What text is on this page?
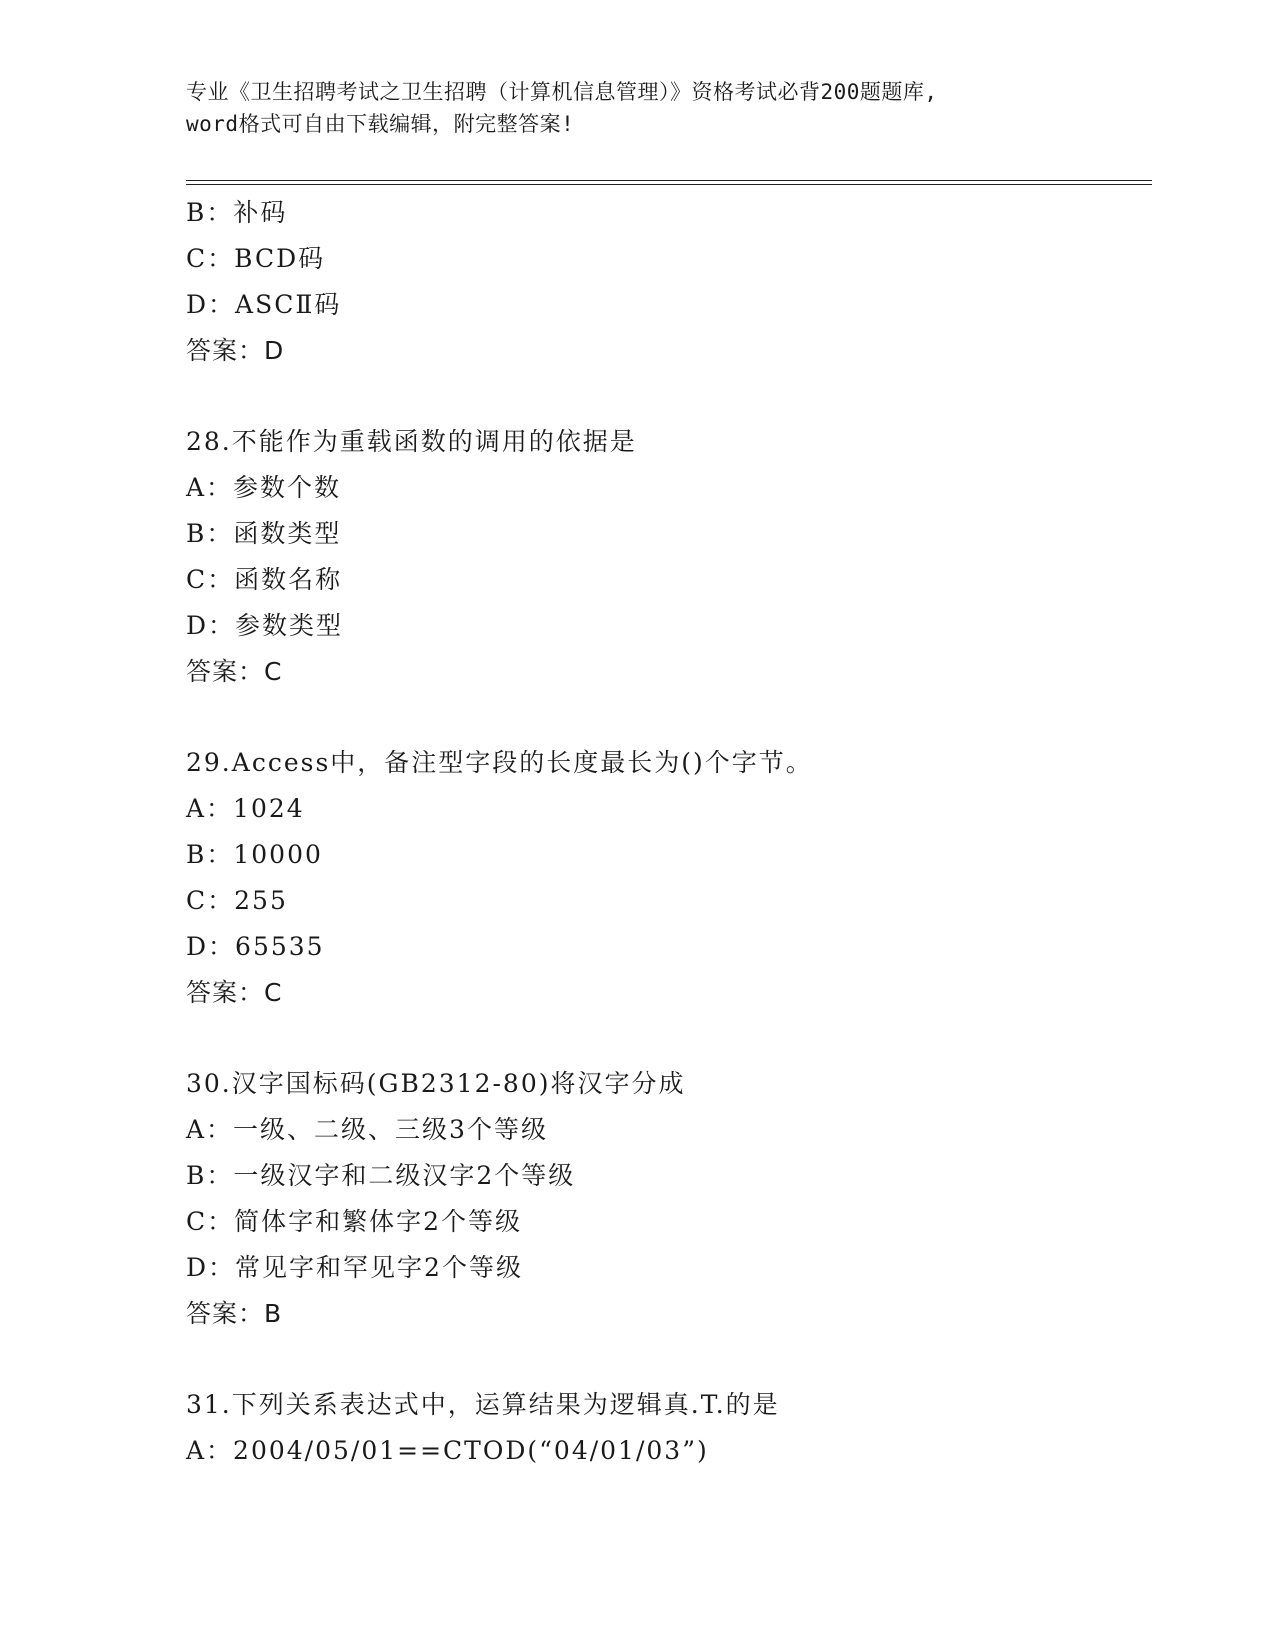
专业《卫生招聘考试之卫生招聘（计算机信息管理）》资格考试必背200题题库,
word格式可自由下载编辑，附完整答案!
B：补码
C：BCD码
D：ASCⅡ码
答案：D
28.不能作为重载函数的调用的依据是
A：参数个数
B：函数类型
C：函数名称
D：参数类型
答案：C
29.Access中，备注型字段的长度最长为()个字节。
A：1024
B：10000
C：255
D：65535
答案：C
30.汉字国标码(GB2312-80)将汉字分成
A：一级、二级、三级3个等级
B：一级汉字和二级汉字2个等级
C：简体字和繁体字2个等级
D：常见字和罕见字2个等级
答案：B
31.下列关系表达式中，运算结果为逻辑真.T.的是
A：2004/05/01==CTOD(“04/01/03”)
